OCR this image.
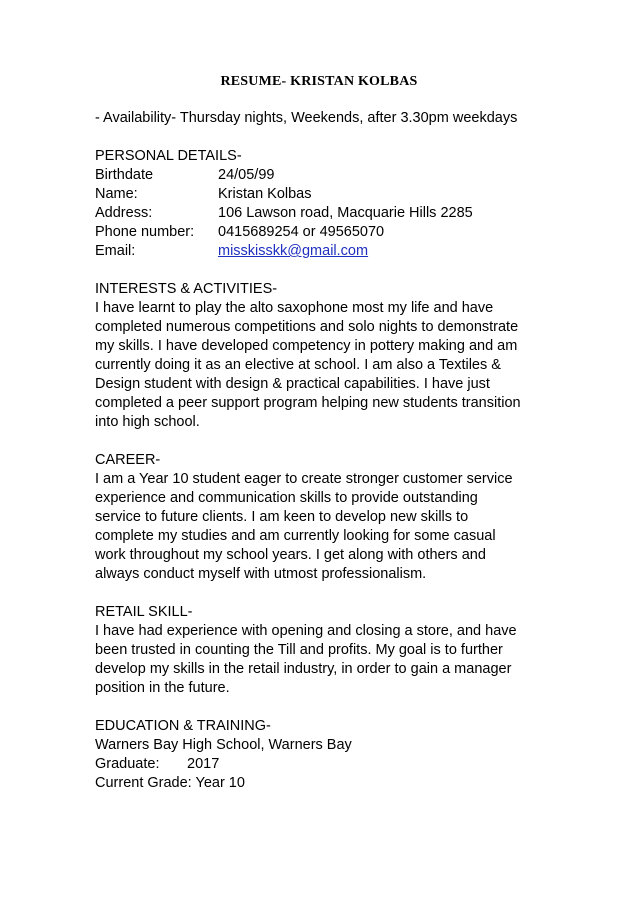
RESUME- KRISTAN KOLBAS
- Availability- Thursday nights, Weekends, after 3.30pm weekdays
PERSONAL DETAILS-
Birthdate	24/05/99
Name:	Kristan Kolbas
Address:	106 Lawson road, Macquarie Hills 2285
Phone number:	0415689254 or 49565070
Email:	misskisskk@gmail.com
INTERESTS & ACTIVITIES-
I have learnt to play the alto saxophone most my life and have
completed numerous competitions and solo nights to demonstrate
my skills. I have developed competency in pottery making and am
currently doing it as an elective at school. I am also a Textiles &
Design student with design & practical capabilities. I have just
completed a peer support program helping new students transition
into high school.
CAREER-
I am a Year 10 student eager to create stronger customer service
experience and communication skills to provide outstanding
service to future clients. I am keen to develop new skills to
complete my studies and am currently looking for some casual
work throughout my school years. I get along with others and
always conduct myself with utmost professionalism.
RETAIL SKILL-
I have had experience with opening and closing a store, and have
been trusted in counting the Till and profits. My goal is to further
develop my skills in the retail industry, in order to gain a manager
position in the future.
EDUCATION & TRAINING-
Warners Bay High School, Warners Bay
Graduate:	2017
Current Grade: Year 10
